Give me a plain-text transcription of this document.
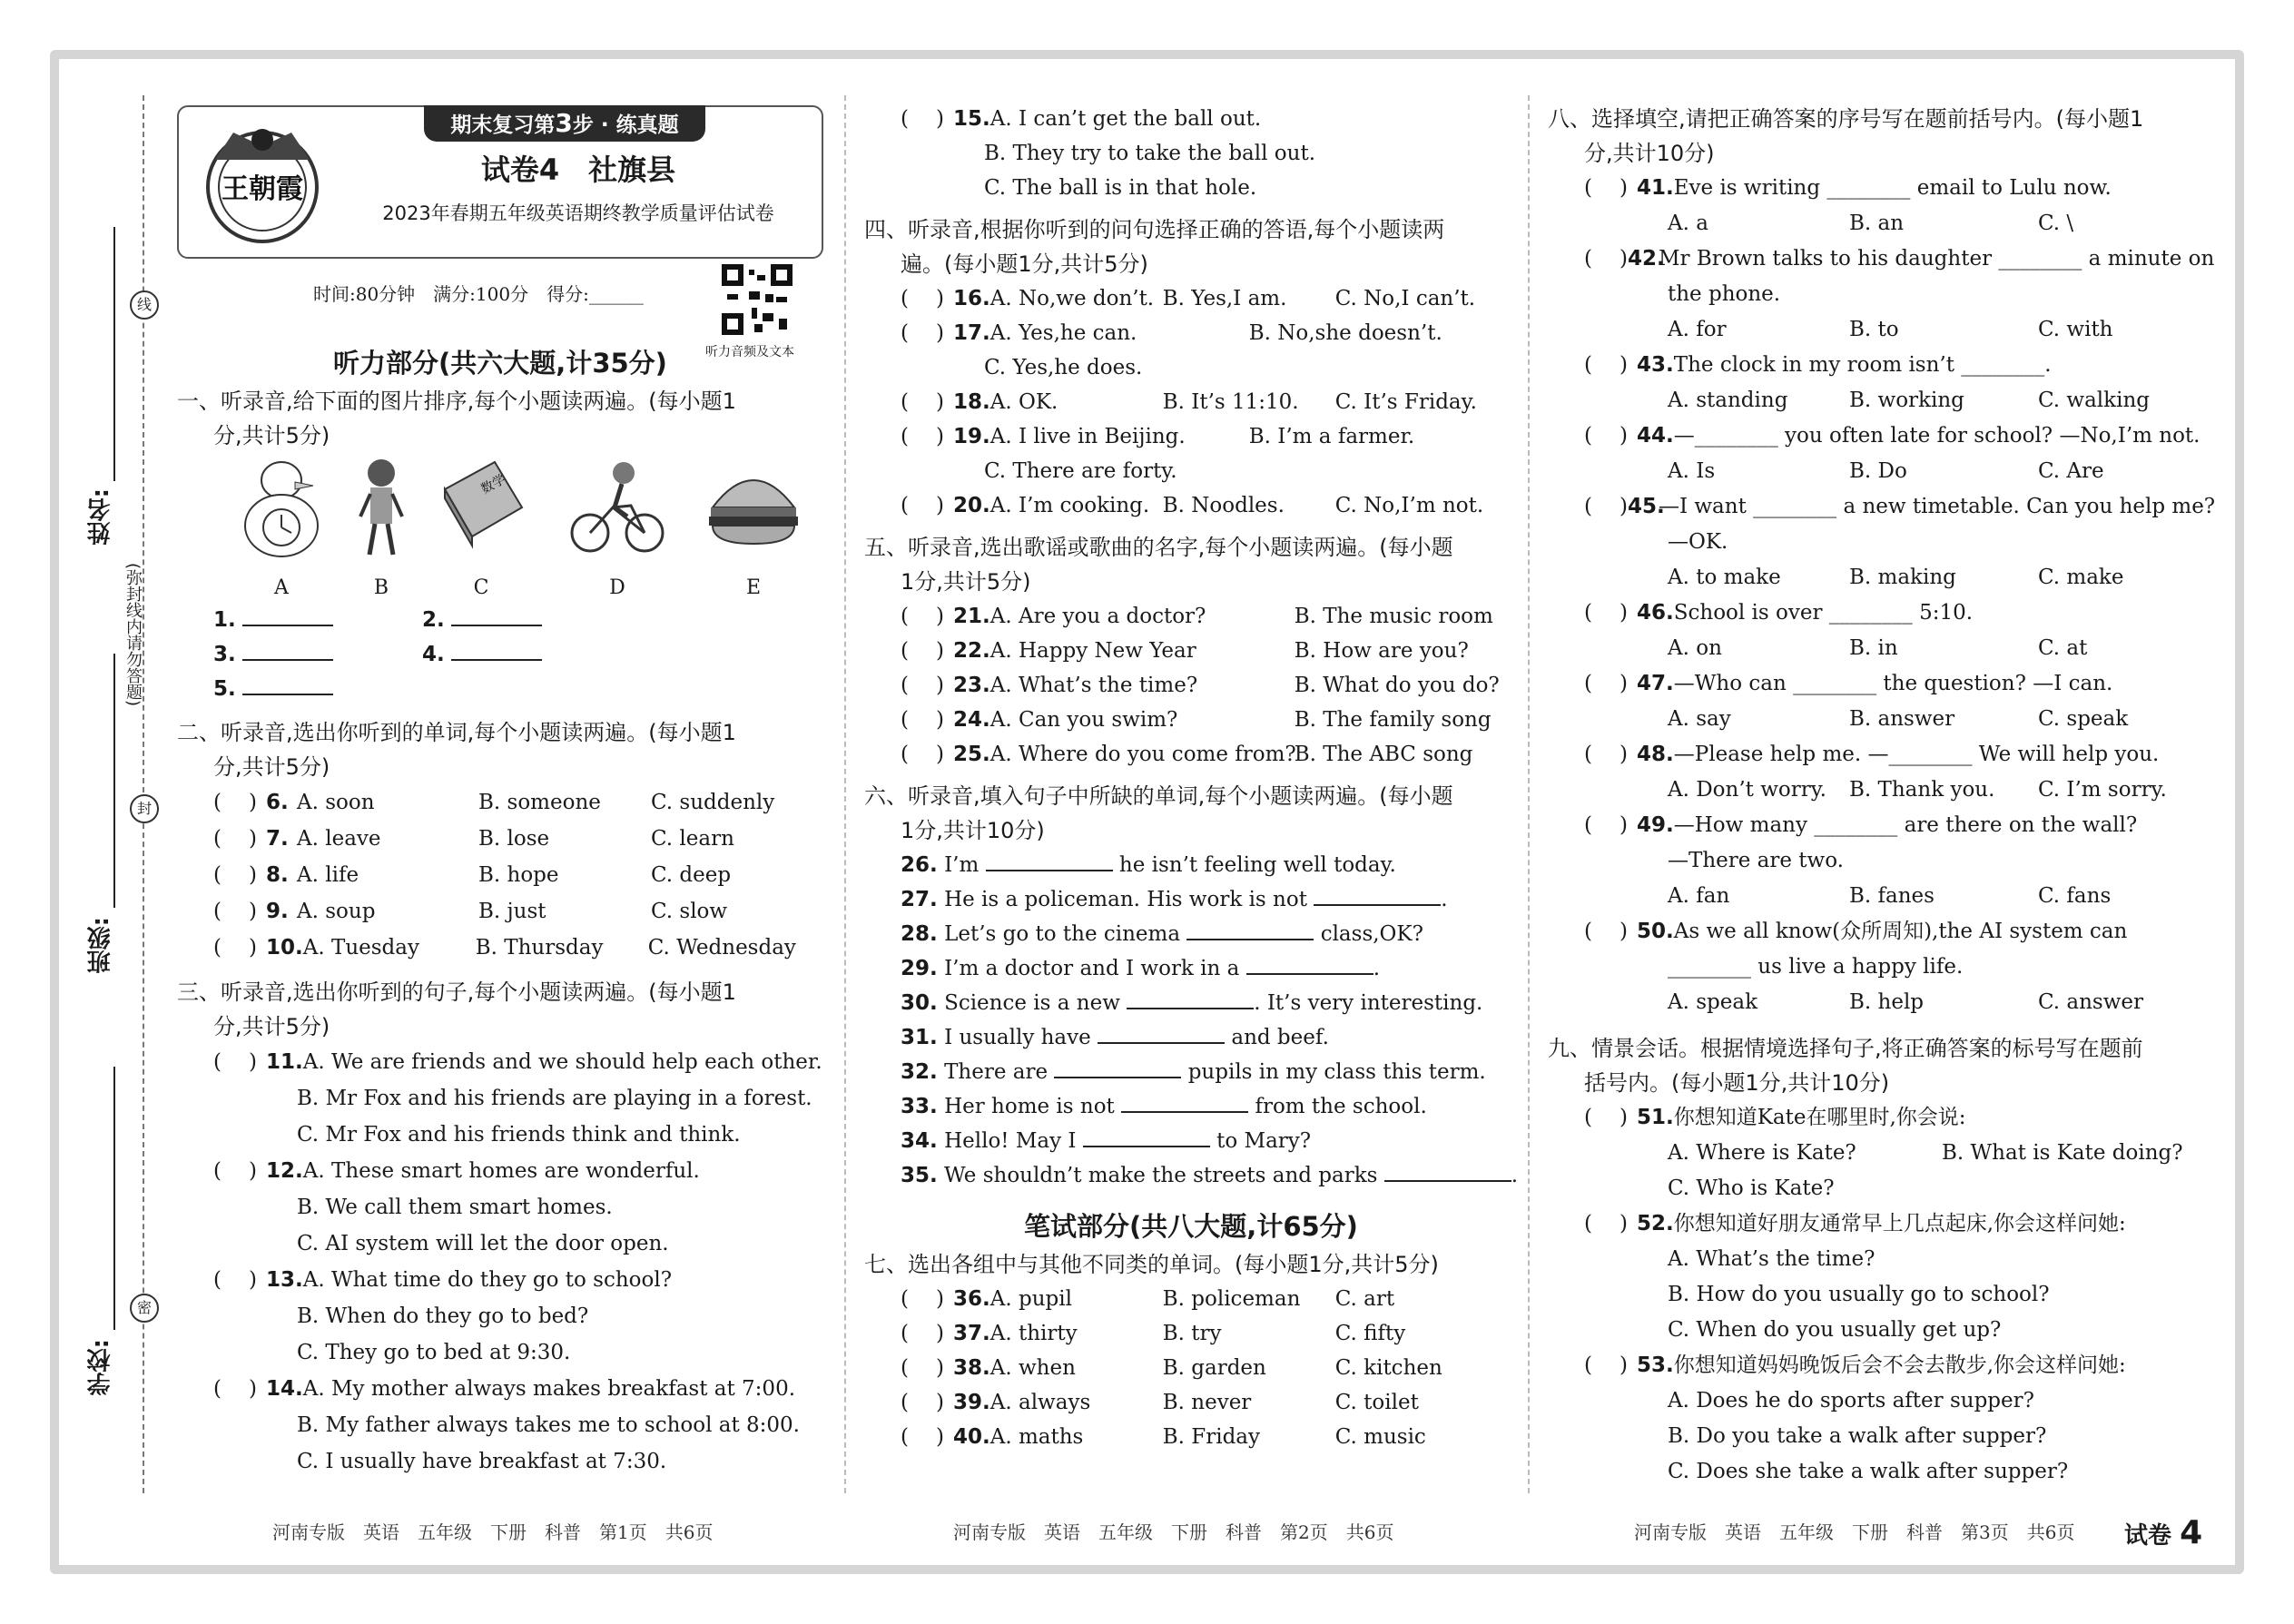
学校:
班级:
姓名:
线
封
密
(弥封线内请勿答题)
王朝霞
期末复习第3步 · 练真题
试卷4　社旗县
2023年春期五年级英语期终教学质量评估试卷
时间:80分钟　满分:100分　得分:______
听力音频及文本
听力部分(共六大题,计35分)
一、听录音,给下面的图片排序,每个小题读两遍。(每小题1
分,共计5分)
数学
A	B	C	D	E
1.	2.
3.	4.
5.
二、听录音,选出你听到的单词,每个小题读两遍。(每小题1
分,共计5分)
( )
6. A. soon	B. someone	C. suddenly
( )
7. A. leave	B. lose	C. learn
( )
8. A. life	B. hope	C. deep
( )
9. A. soup	B. just	C. slow
( )
10. A. Tuesday	B. Thursday	C. Wednesday
三、听录音,选出你听到的句子,每个小题读两遍。(每小题1
分,共计5分)
( )
11. A. We are friends and we should help each other.
B. Mr Fox and his friends are playing in a forest.
C. Mr Fox and his friends think and think.
( )
12. A. These smart homes are wonderful.
B. We call them smart homes.
C. AI system will let the door open.
( )
13. A. What time do they go to school?
B. When do they go to bed?
C. They go to bed at 9:30.
( )
14. A. My mother always makes breakfast at 7:00.
B. My father always takes me to school at 8:00.
C. I usually have breakfast at 7:30.
( )
15. A. I can’t get the ball out.
B. They try to take the ball out.
C. The ball is in that hole.
四、听录音,根据你听到的问句选择正确的答语,每个小题读两
遍。(每小题1分,共计5分)
( )
16. A. No,we don’t. B. Yes,I am.	C. No,I can’t.
( )
17. A. Yes,he can.	B. No,she doesn’t.
C. Yes,he does.
( )
18. A. OK.	B. It’s 11:10.	C. It’s Friday.
( )
19. A. I live in Beijing.	B. I’m a farmer.
C. There are forty.
( )
20. A. I’m cooking. B. Noodles.	C. No,I’m not.
五、听录音,选出歌谣或歌曲的名字,每个小题读两遍。(每小题
1分,共计5分)
( )
21. A. Are you a doctor?	B. The music room
( )
22. A. Happy New Year	B. How are you?
( )
23. A. What’s the time?	B. What do you do?
( )
24. A. Can you swim?	B. The family song
( )
25. A. Where do you come from?
B. The ABC song
六、听录音,填入句子中所缺的单词,每个小题读两遍。(每小题
1分,共计10分)
26.
I’m

	he isn’t feeling well today.
27.
He is a policeman. His work is not
	.
28.
Let’s go to the cinema

	class,OK?
29.
I’m a doctor and I work in a
	.
30.
Science is a new
	. It’s very interesting.
31.
I usually have

	and beef.
32.
There are

	pupils in my class this term.
33.
Her home is not

	from the school.
34.
Hello! May I

	to Mary?
35.
We shouldn’t make the streets and parks
	.
笔试部分(共八大题,计65分)
七、选出各组中与其他不同类的单词。(每小题1分,共计5分)
( )
36. A. pupil	B. policeman	C. art
( )
37. A. thirty	B. try	C. fifty
( )
38. A. when	B. garden	C. kitchen
( )
39. A. always	B. never	C. toilet
( )
40. A. maths	B. Friday	C. music
八、选择填空,请把正确答案的序号写在题前括号内。(每小题1
分,共计10分)
( )
41. Eve is writing ________ email to Lulu now.
A. a	B. an	C. \
( )
42.
Mr Brown talks to his daughter ________ a minute on
the phone.
A. for	B. to	C. with
( )
43. The clock in my room isn’t ________.
A. standing	B. working	C. walking
( )
44. —________ you often late for school? —No,I’m not.
A. Is	B. Do	C. Are
( )
45.
—I want ________ a new timetable. Can you help me?
—OK.
A. to make	B. making	C. make
( )
46. School is over ________ 5:10.
A. on	B. in	C. at
( )
47. —Who can ________ the question? —I can.
A. say	B. answer	C. speak
( )
48. —Please help me. —________ We will help you.
A. Don’t worry.	B. Thank you.	C. I’m sorry.
( )
49. —How many ________ are there on the wall?
—There are two.
A. fan	B. fanes	C. fans
( )
50. As we all know(众所周知),the AI system can
________ us live a happy life.
A. speak	B. help	C. answer
九、情景会话。根据情境选择句子,将正确答案的标号写在题前
括号内。(每小题1分,共计10分)
( )
51. 你想知道Kate在哪里时,你会说:
A. Where is Kate?	B. What is Kate doing?
C. Who is Kate?
( )
52. 你想知道好朋友通常早上几点起床,你会这样问她:
A. What’s the time?
B. How do you usually go to school?
C. When do you usually get up?
( )
53. 你想知道妈妈晚饭后会不会去散步,你会这样问她:
A. Does he do sports after supper?
B. Do you take a walk after supper?
C. Does she take a walk after supper?
河南专版　英语　五年级　下册　科普　第1页　共6页	河南专版　英语　五年级　下册　科普　第2页　共6页	河南专版　英语　五年级　下册　科普　第3页　共6页 试卷 4
